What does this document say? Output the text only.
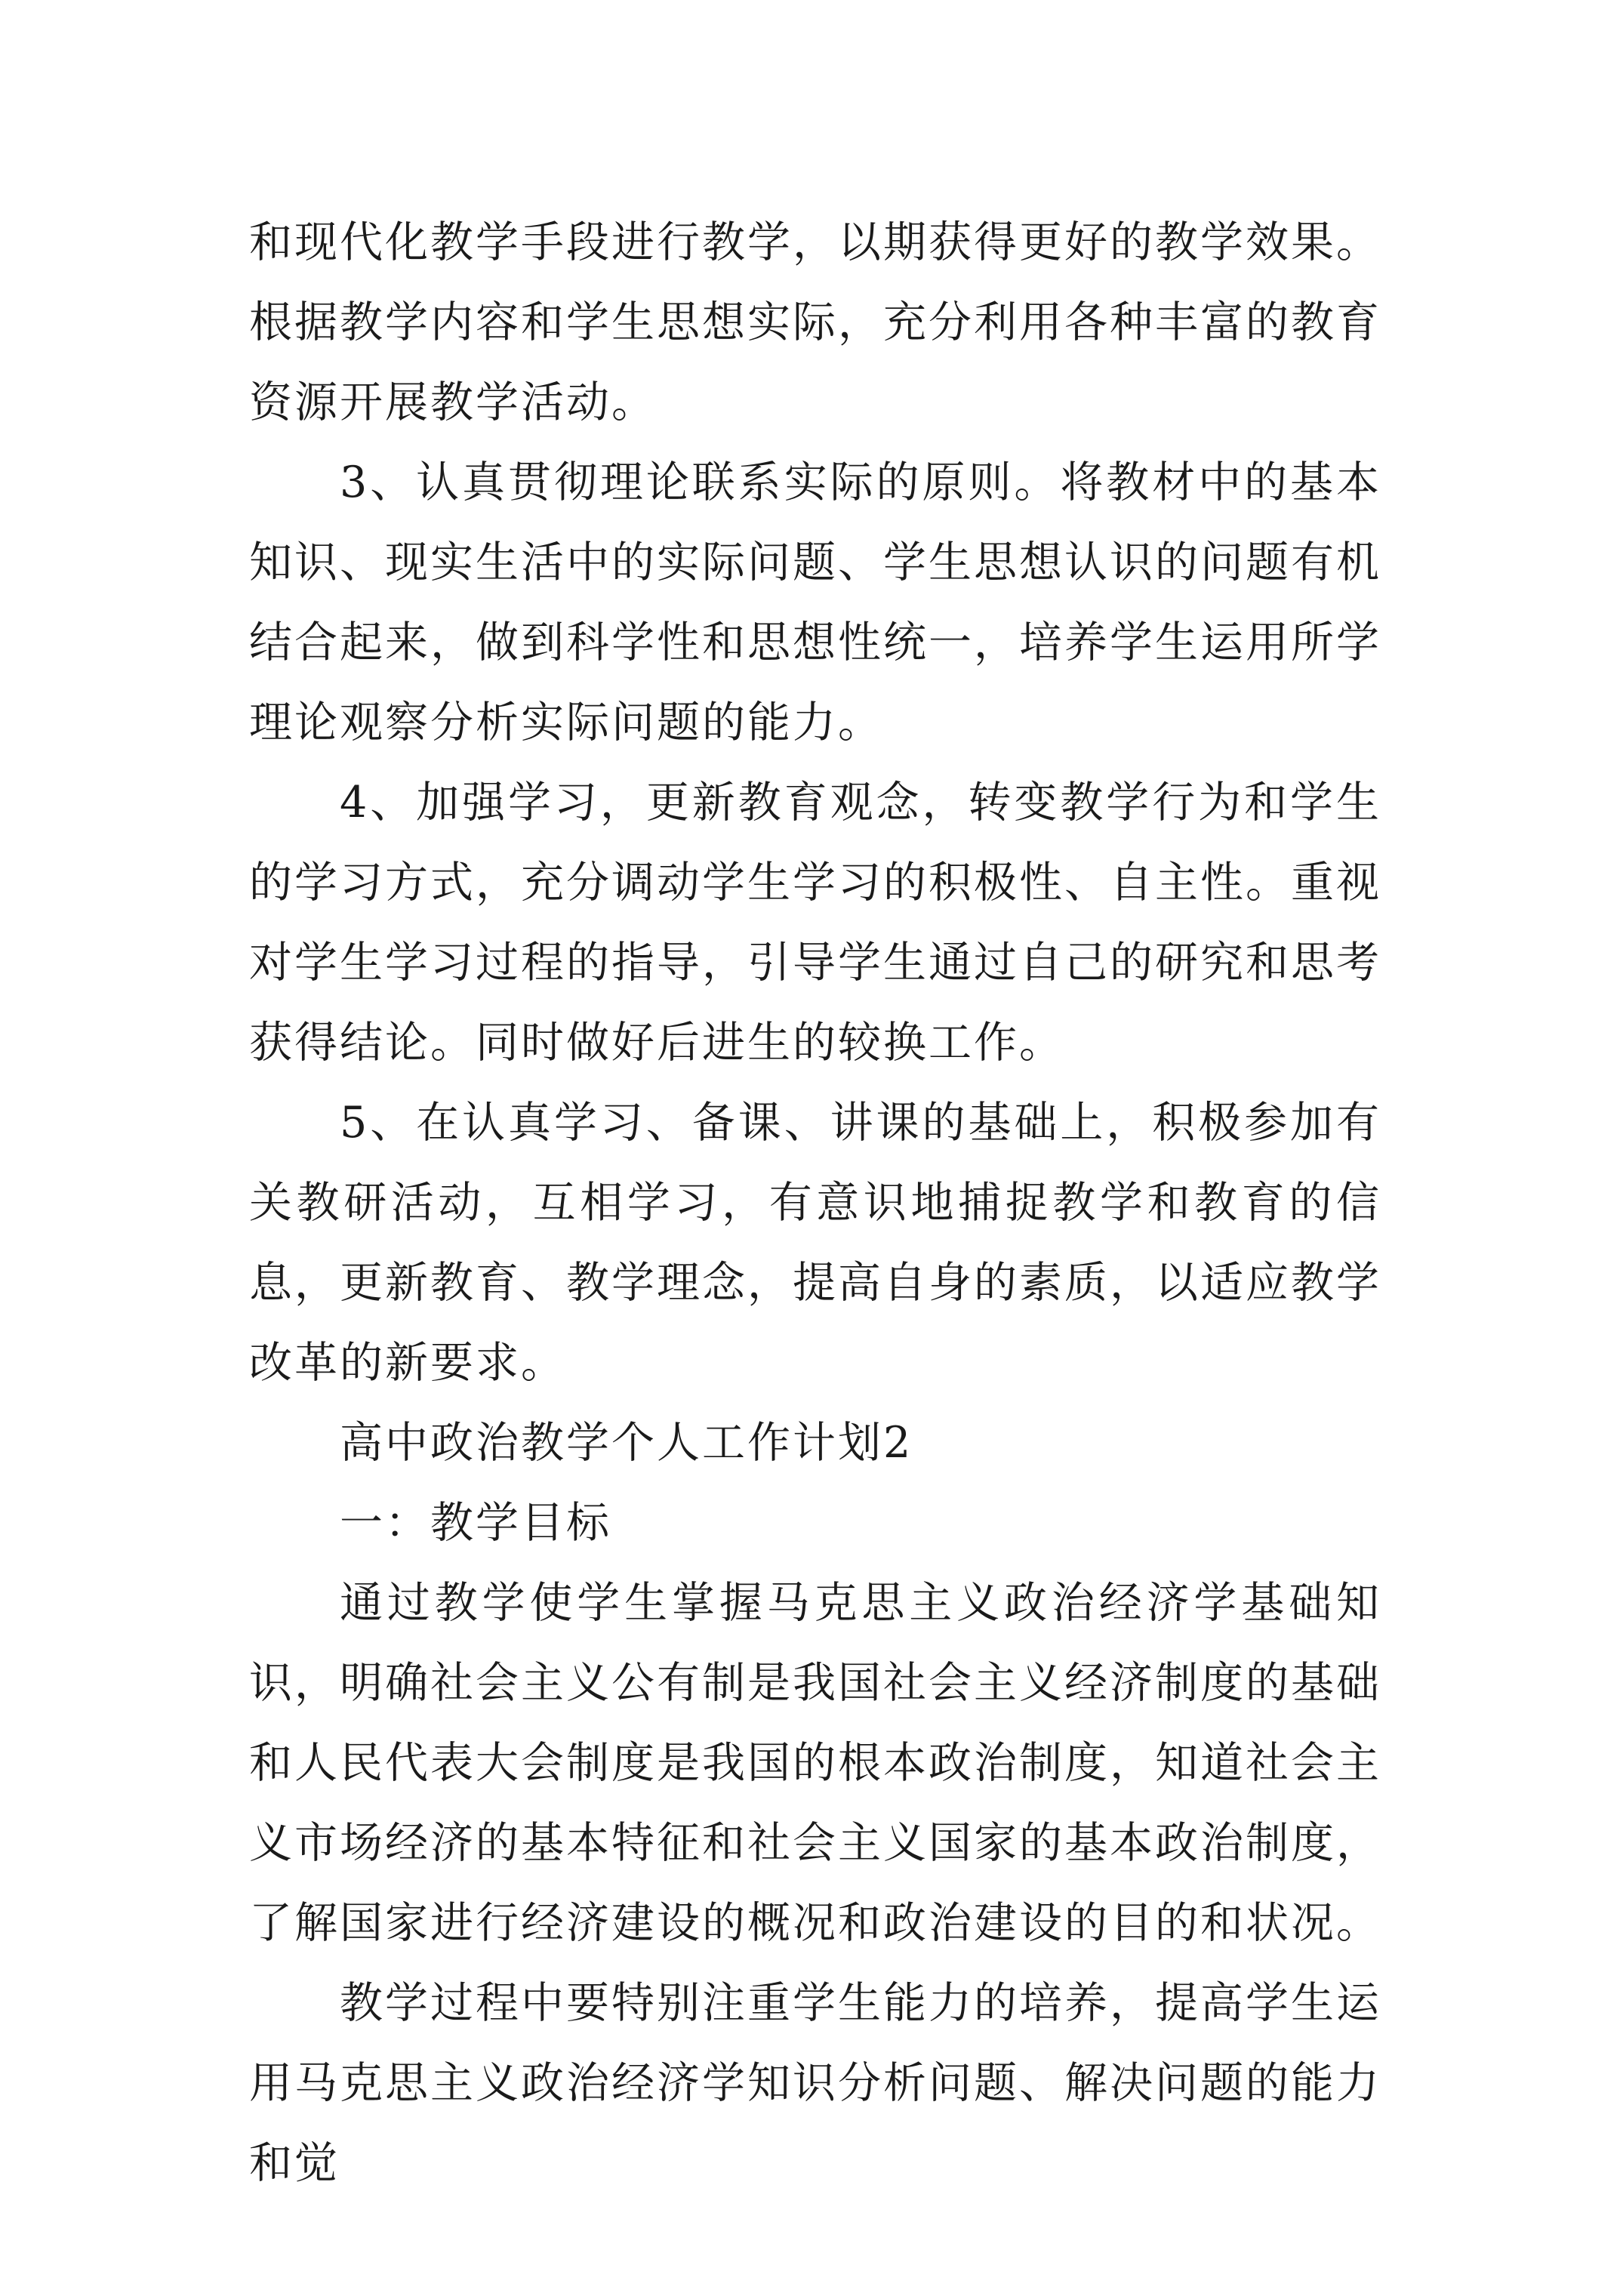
和现代化教学手段进行教学，以期获得更好的教学效果。根据教学内容和学生思想实际，充分利用各种丰富的教育资源开展教学活动。

3、认真贯彻理论联系实际的原则。将教材中的基本知识、现实生活中的实际问题、学生思想认识的问题有机结合起来，做到科学性和思想性统一，培养学生运用所学理论观察分析实际问题的能力。

4、加强学习，更新教育观念，转变教学行为和学生的学习方式，充分调动学生学习的积极性、自主性。重视对学生学习过程的指导，引导学生通过自己的研究和思考获得结论。同时做好后进生的较换工作。

5、在认真学习、备课、讲课的基础上，积极参加有关教研活动，互相学习，有意识地捕捉教学和教育的信息，更新教育、教学理念，提高自身的素质，以适应教学改革的新要求。

高中政治教学个人工作计划2

一：教学目标

通过教学使学生掌握马克思主义政治经济学基础知识，明确社会主义公有制是我国社会主义经济制度的基础和人民代表大会制度是我国的根本政治制度，知道社会主义市场经济的基本特征和社会主义国家的基本政治制度，了解国家进行经济建设的概况和政治建设的目的和状况。

教学过程中要特别注重学生能力的培养，提高学生运用马克思主义政治经济学知识分析问题、解决问题的能力和觉
